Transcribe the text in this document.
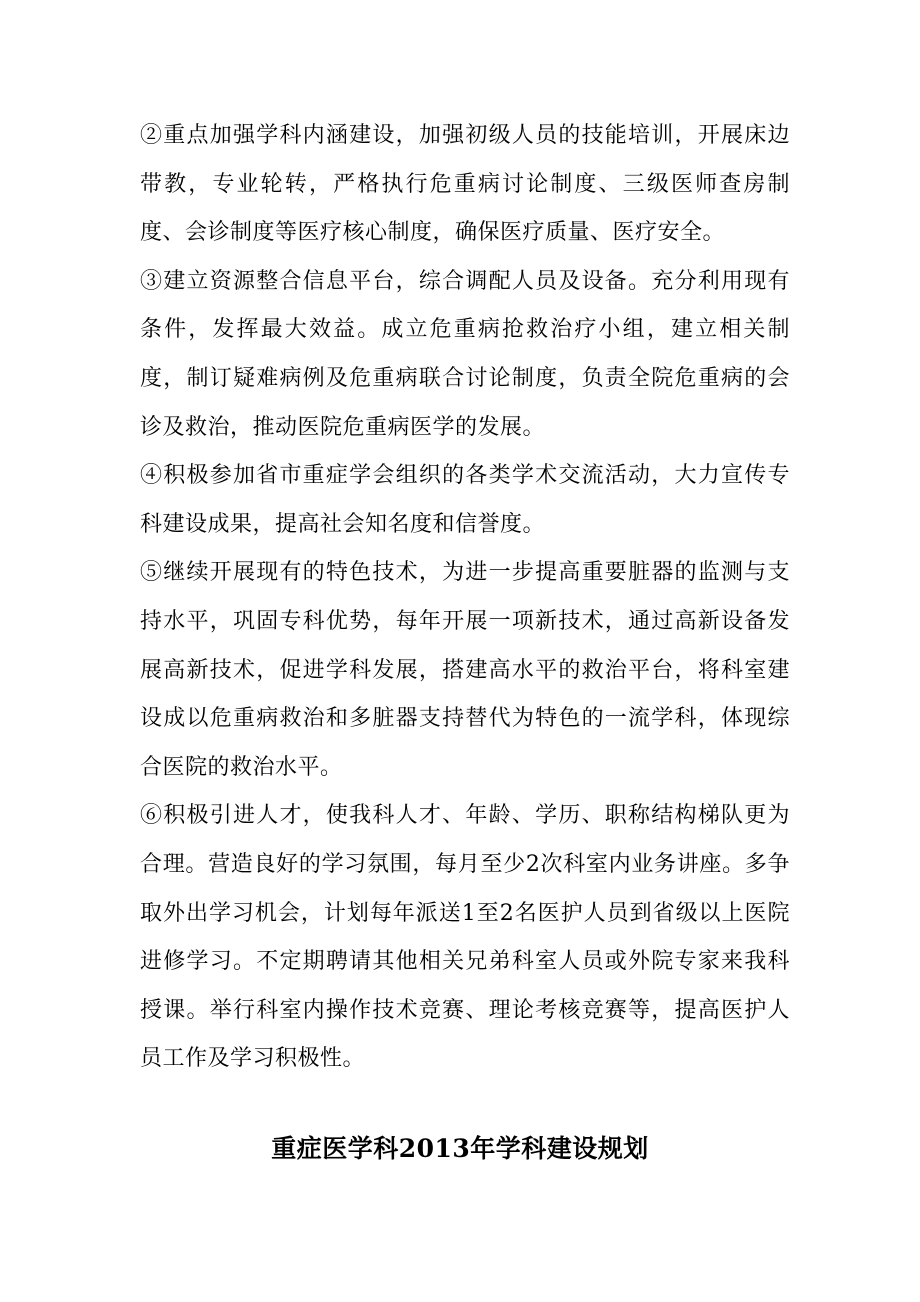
②重点加强学科内涵建设，加强初级人员的技能培训，开展床边带教，专业轮转，严格执行危重病讨论制度、三级医师查房制度、会诊制度等医疗核心制度，确保医疗质量、医疗安全。

③建立资源整合信息平台，综合调配人员及设备。充分利用现有条件，发挥最大效益。成立危重病抢救治疗小组，建立相关制度，制订疑难病例及危重病联合讨论制度，负责全院危重病的会诊及救治，推动医院危重病医学的发展。

④积极参加省市重症学会组织的各类学术交流活动，大力宣传专科建设成果，提高社会知名度和信誉度。

⑤继续开展现有的特色技术，为进一步提高重要脏器的监测与支持水平，巩固专科优势，每年开展一项新技术，通过高新设备发展高新技术，促进学科发展，搭建高水平的救治平台，将科室建设成以危重病救治和多脏器支持替代为特色的一流学科，体现综合医院的救治水平。

⑥积极引进人才，使我科人才、年龄、学历、职称结构梯队更为合理。营造良好的学习氛围，每月至少2次科室内业务讲座。多争取外出学习机会，计划每年派送1至2名医护人员到省级以上医院进修学习。不定期聘请其他相关兄弟科室人员或外院专家来我科授课。举行科室内操作技术竞赛、理论考核竞赛等，提高医护人员工作及学习积极性。

重症医学科2013年学科建设规划
